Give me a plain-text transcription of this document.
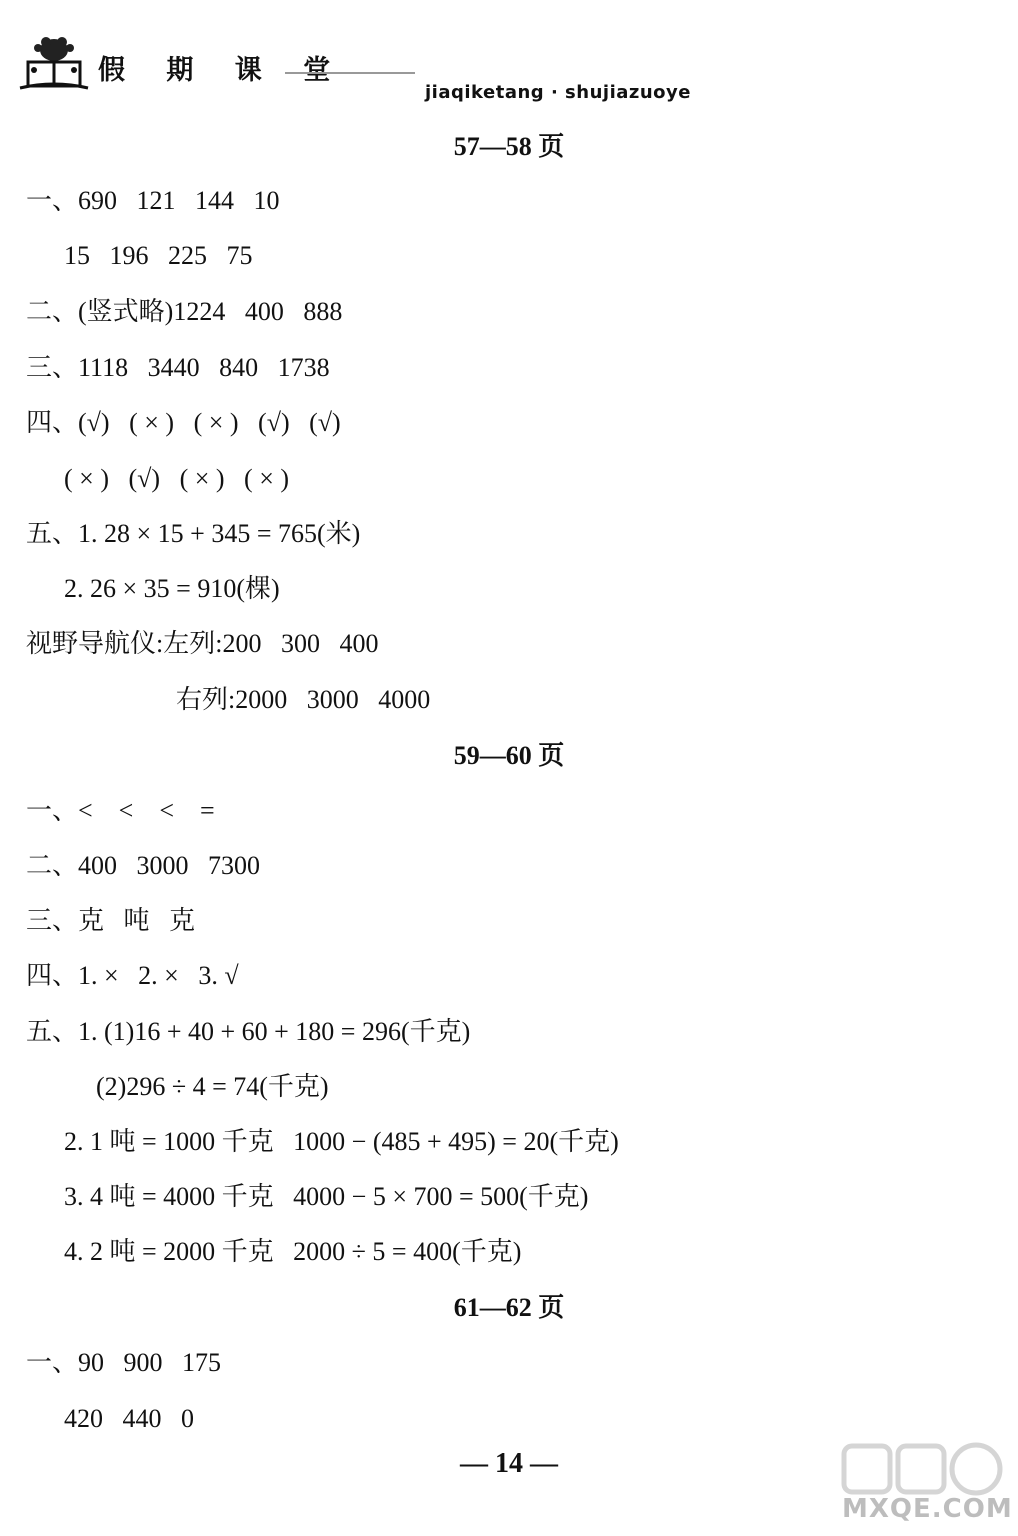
假 期 课 堂
jiaqiketang · shujiazuoye
57—58 页
一、690   121   144   10
15   196   225   75
二、(竖式略)1224   400   888
三、1118   3440   840   1738
四、(√)   ( × )   ( × )   (√)   (√)
( × )   (√)   ( × )   ( × )
五、1. 28 × 15 + 345 = 765(米)
2. 26 × 35 = 910(棵)
视野导航仪:左列:200   300   400
右列:2000   3000   4000
59—60 页
一、<    <    <    =
二、400   3000   7300
三、克   吨   克
四、1. ×   2. ×   3. √
五、1. (1)16 + 40 + 60 + 180 = 296(千克)
(2)296 ÷ 4 = 74(千克)
2. 1 吨 = 1000 千克   1000 − (485 + 495) = 20(千克)
3. 4 吨 = 4000 千克   4000 − 5 × 700 = 500(千克)
4. 2 吨 = 2000 千克   2000 ÷ 5 = 400(千克)
61—62 页
一、90   900   175
420   440   0
— 14 —
MXQE.COM
